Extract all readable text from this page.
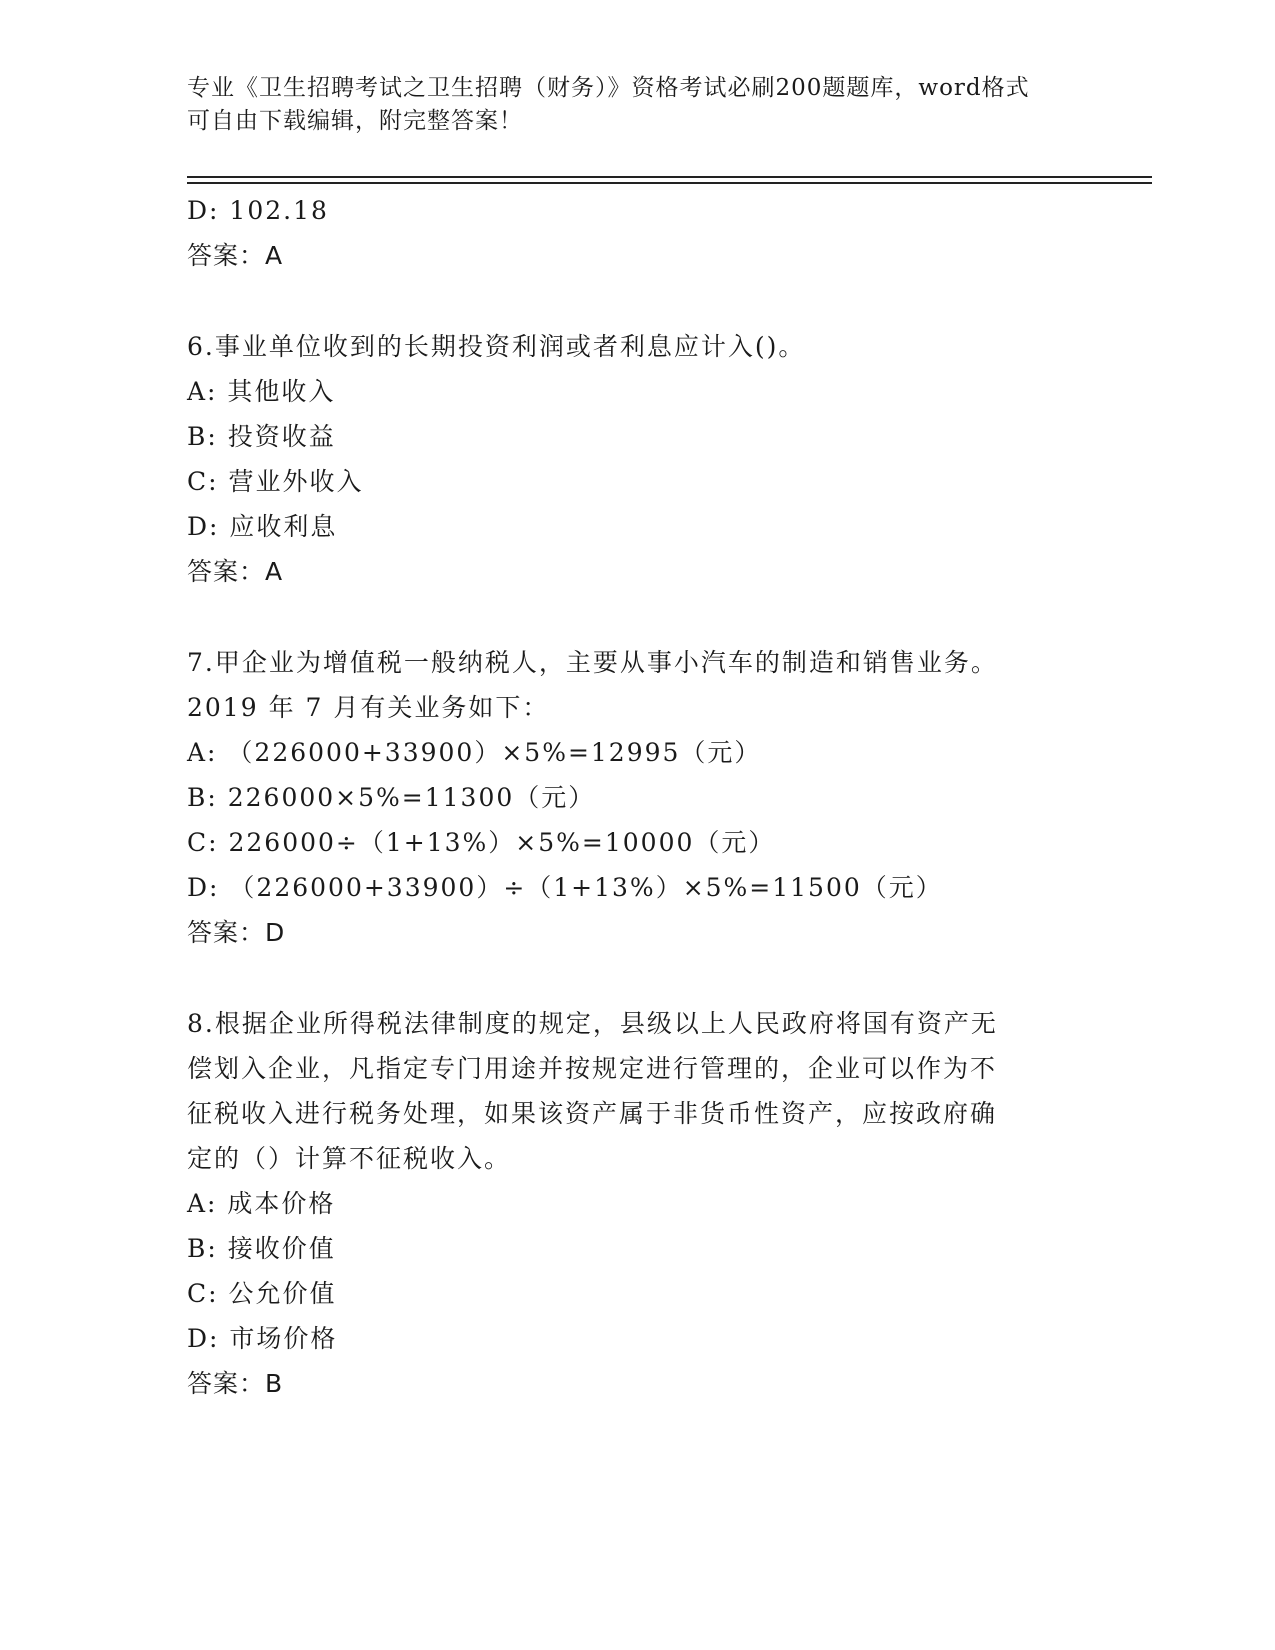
专业《卫生招聘考试之卫生招聘（财务）》资格考试必刷200题题库，word格式
可自由下载编辑，附完整答案！
D: 102.18
答案：A
6.事业单位收到的长期投资利润或者利息应计入()。
A: 其他收入
B: 投资收益
C: 营业外收入
D: 应收利息
答案：A
7.甲企业为增值税一般纳税人，主要从事小汽车的制造和销售业务。
2019 年 7 月有关业务如下：
A: （226000+33900）×5%=12995（元）
B: 226000×5%=11300（元）
C: 226000÷（1+13%）×5%=10000（元）
D: （226000+33900）÷（1+13%）×5%=11500（元）
答案：D
8.根据企业所得税法律制度的规定，县级以上人民政府将国有资产无
偿划入企业，凡指定专门用途并按规定进行管理的，企业可以作为不
征税收入进行税务处理，如果该资产属于非货币性资产，应按政府确
定的（）计算不征税收入。
A: 成本价格
B: 接收价值
C: 公允价值
D: 市场价格
答案：B
